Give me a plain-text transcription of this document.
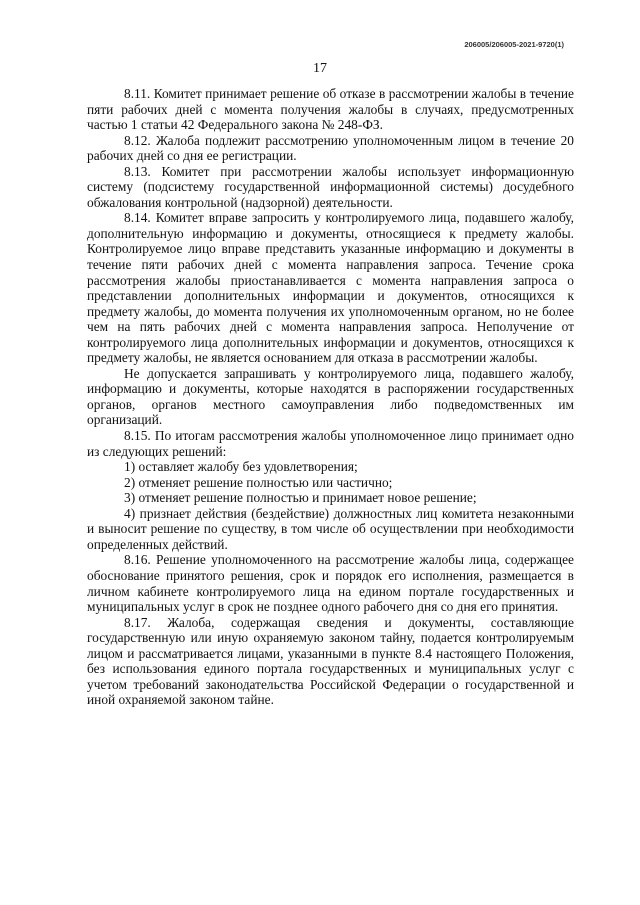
206005/206005-2021-9720(1)
17

8.11. Комитет принимает решение об отказе в рассмотрении жалобы в течение пяти рабочих дней с момента получения жалобы в случаях, предусмотренных частью 1 статьи 42 Федерального закона № 248-ФЗ.

8.12. Жалоба подлежит рассмотрению уполномоченным лицом в течение 20 рабочих дней со дня ее регистрации.

8.13. Комитет при рассмотрении жалобы использует информационную систему (подсистему государственной информационной системы) досудебного обжалования контрольной (надзорной) деятельности.

8.14. Комитет вправе запросить у контролируемого лица, подавшего жалобу, дополнительную информацию и документы, относящиеся к предмету жалобы. Контролируемое лицо вправе представить указанные информацию и документы в течение пяти рабочих дней с момента направления запроса. Течение срока рассмотрения жалобы приостанавливается с момента направления запроса о представлении дополнительных информации и документов, относящихся к предмету жалобы, до момента получения их уполномоченным органом, но не более чем на пять рабочих дней с момента направления запроса. Неполучение от контролируемого лица дополнительных информации и документов, относящихся к предмету жалобы, не является основанием для отказа в рассмотрении жалобы.

Не допускается запрашивать у контролируемого лица, подавшего жалобу, информацию и документы, которые находятся в распоряжении государственных органов, органов местного самоуправления либо подведомственных им организаций.

8.15. По итогам рассмотрения жалобы уполномоченное лицо принимает одно из следующих решений:

1) оставляет жалобу без удовлетворения;

2) отменяет решение полностью или частично;

3) отменяет решение полностью и принимает новое решение;

4) признает действия (бездействие) должностных лиц комитета незаконными и выносит решение по существу, в том числе об осуществлении при необходимости определенных действий.

8.16. Решение уполномоченного на рассмотрение жалобы лица, содержащее обоснование принятого решения, срок и порядок его исполнения, размещается в личном кабинете контролируемого лица на едином портале государственных и муниципальных услуг в срок не позднее одного рабочего дня со дня его принятия.

8.17. Жалоба, содержащая сведения и документы, составляющие государственную или иную охраняемую законом тайну, подается контролируемым лицом и рассматривается лицами, указанными в пункте 8.4 настоящего Положения, без использования единого портала государственных и муниципальных услуг с учетом требований законодательства Российской Федерации о государственной и иной охраняемой законом тайне.
